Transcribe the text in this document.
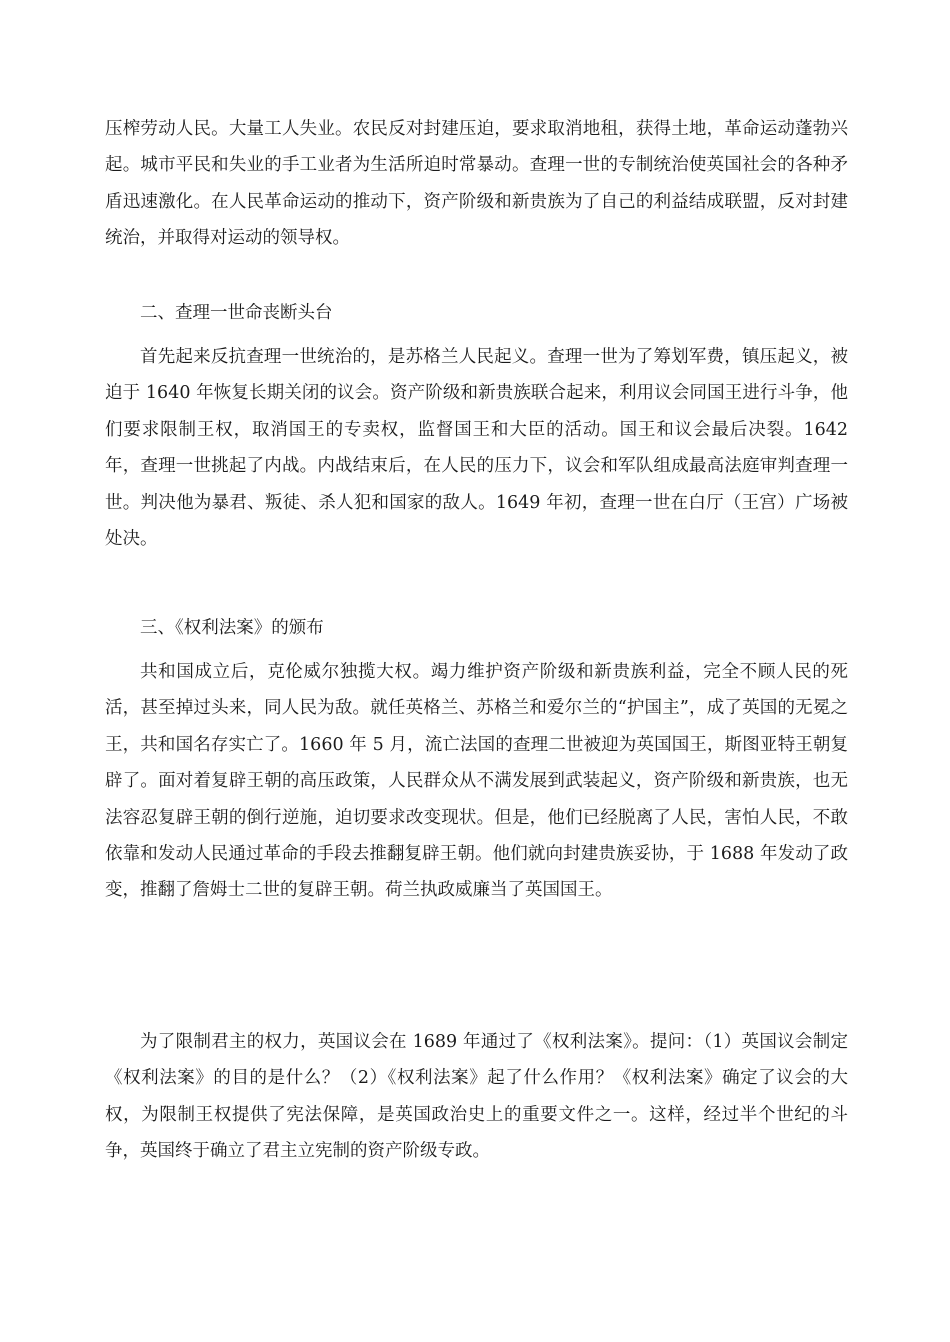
压榨劳动人民。大量工人失业。农民反对封建压迫，要求取消地租，获得土地，革命运动蓬勃兴起。城市平民和失业的手工业者为生活所迫时常暴动。查理一世的专制统治使英国社会的各种矛盾迅速激化。在人民革命运动的推动下，资产阶级和新贵族为了自己的利益结成联盟，反对封建统治，并取得对运动的领导权。

二、查理一世命丧断头台

首先起来反抗查理一世统治的，是苏格兰人民起义。查理一世为了筹划军费，镇压起义，被迫于 1640 年恢复长期关闭的议会。资产阶级和新贵族联合起来，利用议会同国王进行斗争，他们要求限制王权，取消国王的专卖权，监督国王和大臣的活动。国王和议会最后决裂。1642 年，查理一世挑起了内战。内战结束后，在人民的压力下，议会和军队组成最高法庭审判查理一世。判决他为暴君、叛徒、杀人犯和国家的敌人。1649 年初，查理一世在白厅（王宫）广场被处决。

三、《权利法案》的颁布

共和国成立后，克伦威尔独揽大权。竭力维护资产阶级和新贵族利益，完全不顾人民的死活，甚至掉过头来，同人民为敌。就任英格兰、苏格兰和爱尔兰的“护国主”，成了英国的无冕之王，共和国名存实亡了。1660 年 5 月，流亡法国的查理二世被迎为英国国王，斯图亚特王朝复辟了。面对着复辟王朝的高压政策，人民群众从不满发展到武装起义，资产阶级和新贵族，也无法容忍复辟王朝的倒行逆施，迫切要求改变现状。但是，他们已经脱离了人民，害怕人民，不敢依靠和发动人民通过革命的手段去推翻复辟王朝。他们就向封建贵族妥协，于 1688 年发动了政变，推翻了詹姆士二世的复辟王朝。荷兰执政威廉当了英国国王。

为了限制君主的权力，英国议会在 1689 年通过了《权利法案》。提问：（1）英国议会制定《权利法案》的目的是什么？（2）《权利法案》起了什么作用？《权利法案》确定了议会的大权，为限制王权提供了宪法保障，是英国政治史上的重要文件之一。这样，经过半个世纪的斗争，英国终于确立了君主立宪制的资产阶级专政。
